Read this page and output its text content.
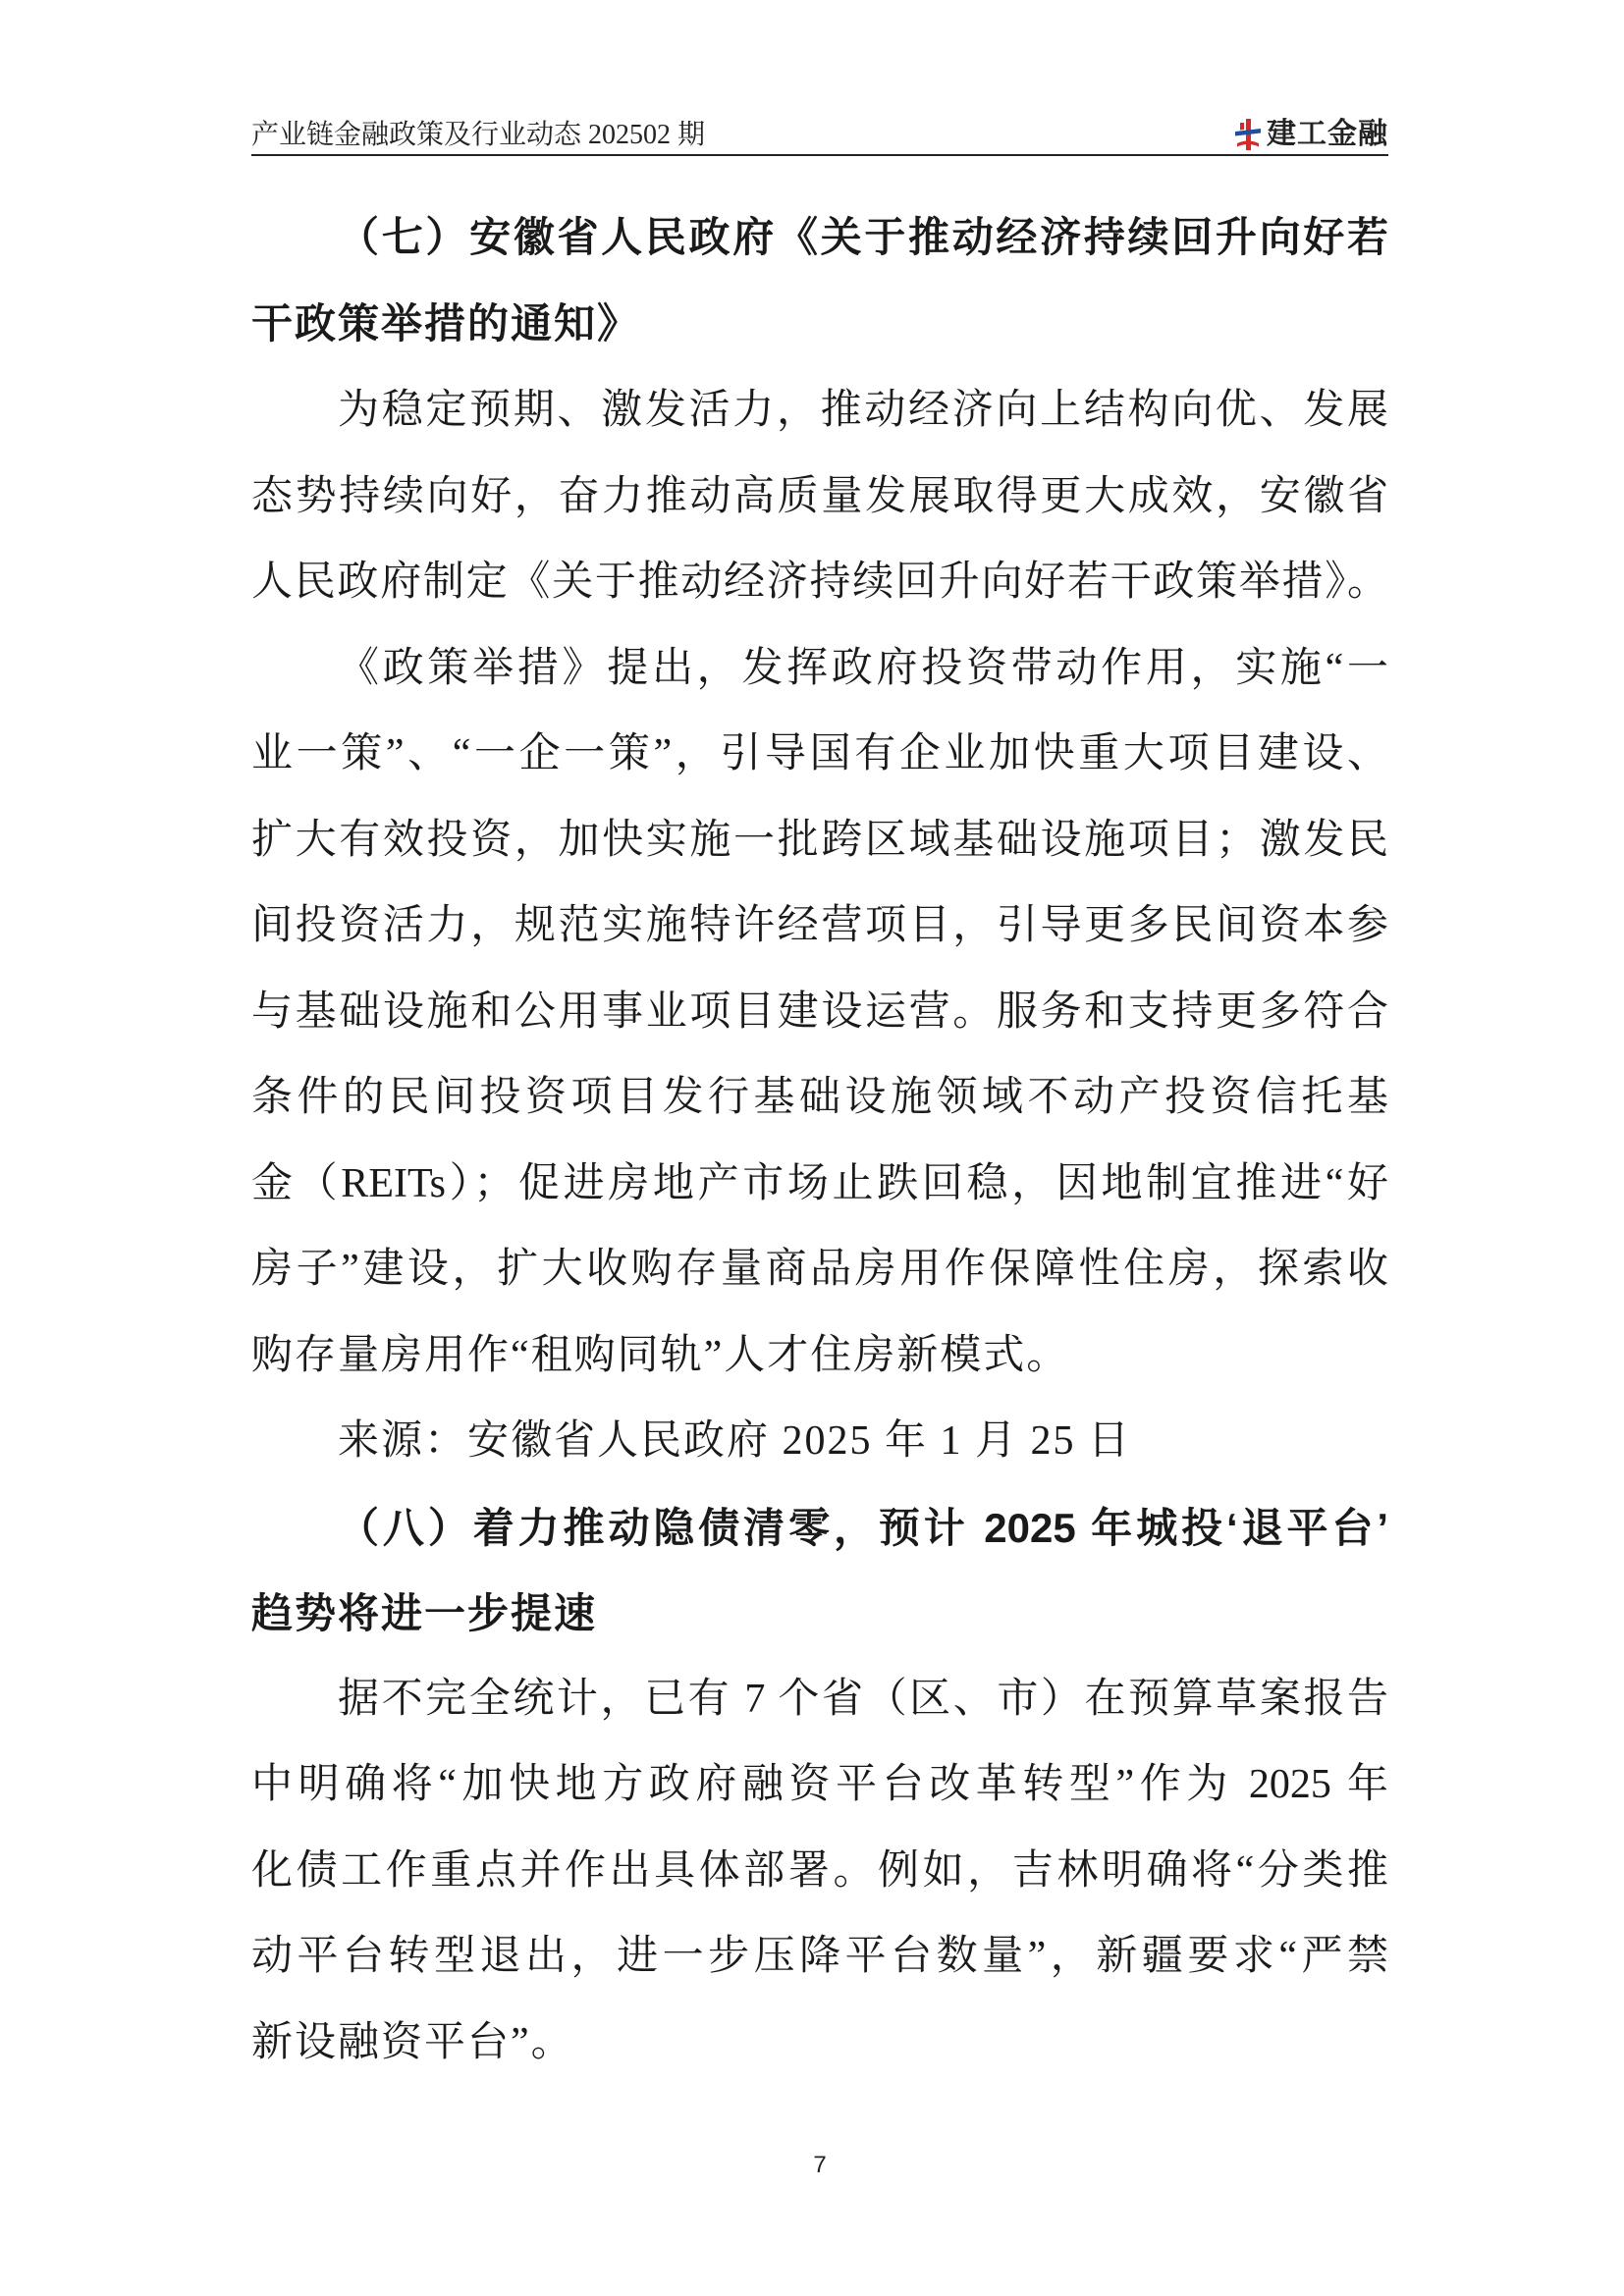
产业链金融政策及行业动态 202502 期	建工金融
（七）安徽省人民政府《关于推动经济持续回升向好若
干政策举措的通知》
为稳定预期、激发活力，推动经济向上结构向优、发展
态势持续向好，奋力推动高质量发展取得更大成效，安徽省
人民政府制定《关于推动经济持续回升向好若干政策举措》。
《政策举措》提出，发挥政府投资带动作用，实施“一
业一策”、“一企一策”，引导国有企业加快重大项目建设、
扩大有效投资，加快实施一批跨区域基础设施项目；激发民
间投资活力，规范实施特许经营项目，引导更多民间资本参
与基础设施和公用事业项目建设运营。服务和支持更多符合
条件的民间投资项目发行基础设施领域不动产投资信托基
金（REITs）；促进房地产市场止跌回稳，因地制宜推进“好
房子”建设，扩大收购存量商品房用作保障性住房，探索收
购存量房用作“租购同轨”人才住房新模式。
来源：安徽省人民政府 2025 年 1 月 25 日
（八）着力推动隐债清零，预计 2025 年城投‘退平台’
趋势将进一步提速
据不完全统计，已有 7 个省（区、市）在预算草案报告
中明确将“加快地方政府融资平台改革转型”作为 2025 年
化债工作重点并作出具体部署。例如，吉林明确将“分类推
动平台转型退出，进一步压降平台数量”，新疆要求“严禁
新设融资平台”。
7
